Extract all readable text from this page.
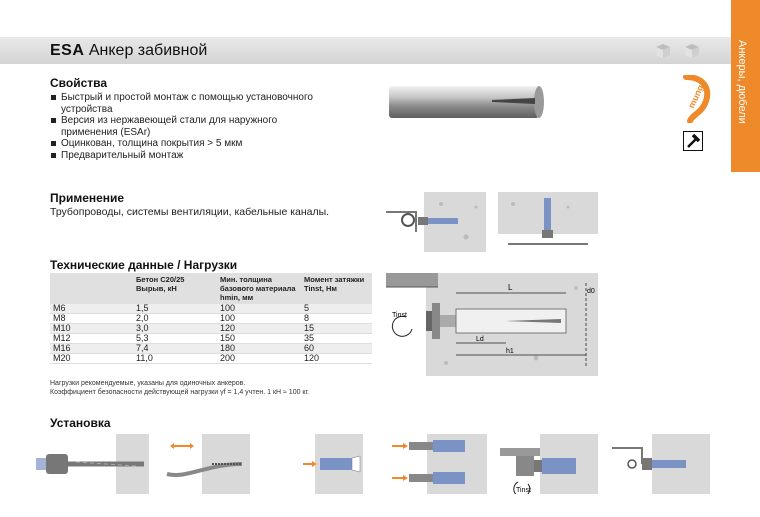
ESA Анкер забивной	Анкеры, дюбели
mungo
Свойства
Быстрый и простой монтаж с помощью установочного устройства
Версия из нержавеющей стали для наружного применения (ESAr)
Оцинкован, толщина покрытия > 5 мкм
Предварительный монтаж
Применение
Трубопроводы, системы вентиляции, кабельные каналы.
Технические данные / Нагрузки
	Бетон С20/25 Вырыв, кН	Мин. толщина базового материала hmin, мм	Момент затяжки Tinst, Нм
M6	1,5	100	5
M8	2,0	100	8
M10	3,0	120	15
M12	5,3	150	35
M16	7,4	180	60
M20	11,0	200	120
Нагрузки рекомендуемые, указаны для одиночных анкеров.
Коэффициент безопасности действующей нагрузки γf = 1,4 учтен. 1 кН ≈ 100 кг.
L	d0
Ld
h1
Tinst
Установка
Tinst
